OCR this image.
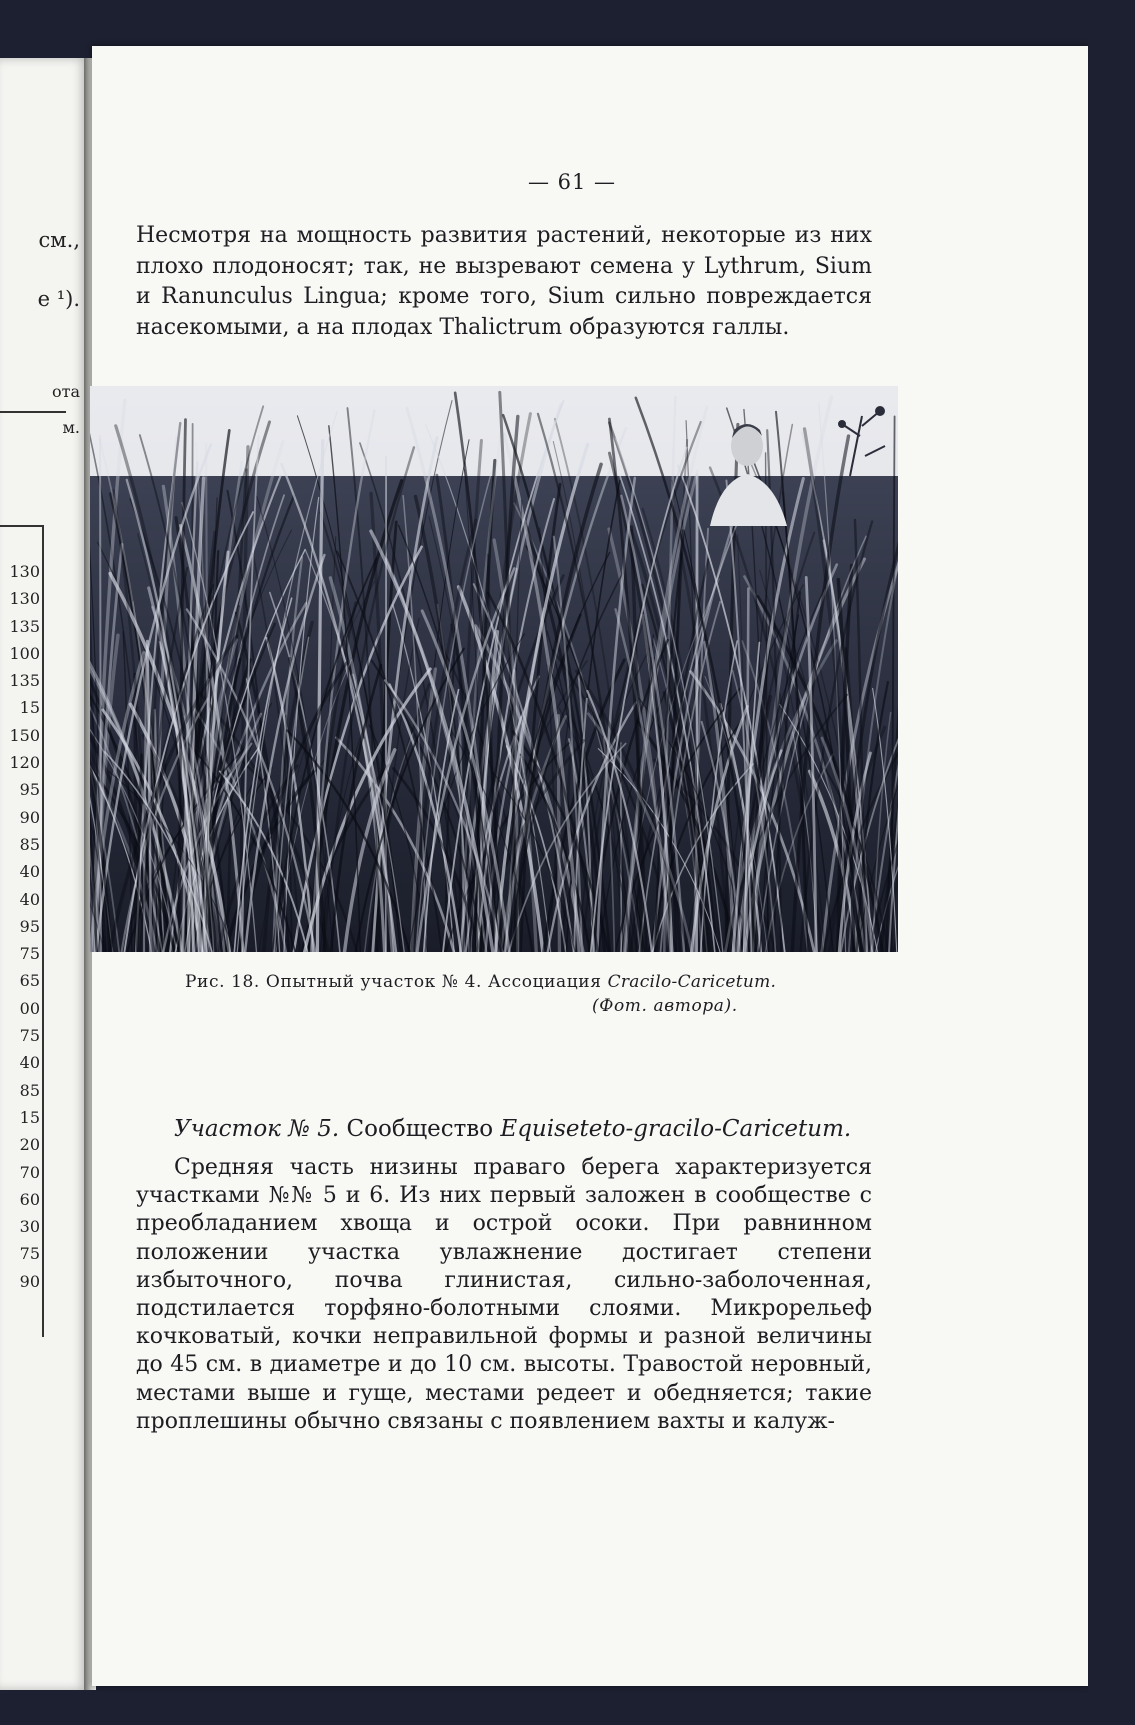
см.,
е ¹).
ота
м.
130
130
135
100
135
15
150
120
95
90
85
40
40
95
75
65
00
75
40
85
15
20
70
60
30
75
90
— 61 —

Несмотря на мощность развития растений, некоторые из них плохо плодоносят; так, не вызревают семена у Lythrum, Sium и Ranunculus Lingua; кроме того, Sium сильно повреждается насекомыми, а на плодах Thalictrum образуются галлы.

Рис. 18. Опытный участок № 4. Ассоциация Cracilo-Caricetum.
(Фот. автора).
Участок № 5. Сообщество Equiseteto-gracilo-Caricetum.

Средняя часть низины праваго берега характеризуется участками №№ 5 и 6. Из них первый заложен в сообществе с преобладанием хвоща и острой осоки. При равнинном положении участка увлажнение достигает степени избыточного, почва глинистая, сильно-заболоченная, подстилается торфяно-болотными слоями. Микрорельеф кочковатый, кочки неправильной формы и разной величины до 45 см. в диаметре и до 10 см. высоты. Травостой неровный, местами выше и гуще, местами редеет и обедняется; такие проплешины обычно связаны с появлением вахты и калуж-
